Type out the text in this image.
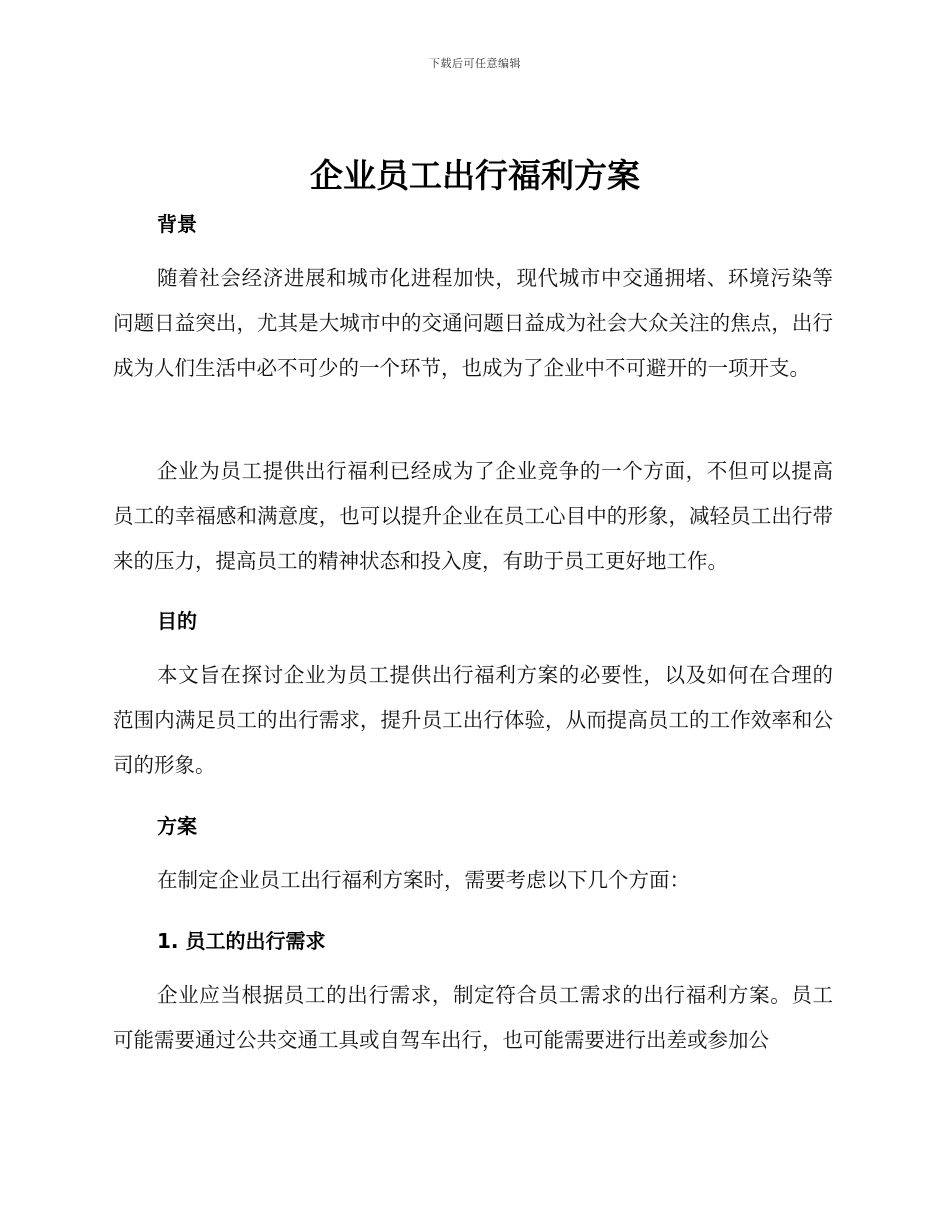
下载后可任意编辑
企业员工出行福利方案
背景

随着社会经济进展和城市化进程加快，现代城市中交通拥堵、环境污染等问题日益突出，尤其是大城市中的交通问题日益成为社会大众关注的焦点，出行成为人们生活中必不可少的一个环节，也成为了企业中不可避开的一项开支。

企业为员工提供出行福利已经成为了企业竞争的一个方面，不但可以提高员工的幸福感和满意度，也可以提升企业在员工心目中的形象，减轻员工出行带来的压力，提高员工的精神状态和投入度，有助于员工更好地工作。

目的

本文旨在探讨企业为员工提供出行福利方案的必要性，以及如何在合理的范围内满足员工的出行需求，提升员工出行体验，从而提高员工的工作效率和公司的形象。

方案

在制定企业员工出行福利方案时，需要考虑以下几个方面：

1. 员工的出行需求

企业应当根据员工的出行需求，制定符合员工需求的出行福利方案。员工可能需要通过公共交通工具或自驾车出行，也可能需要进行出差或参加公
